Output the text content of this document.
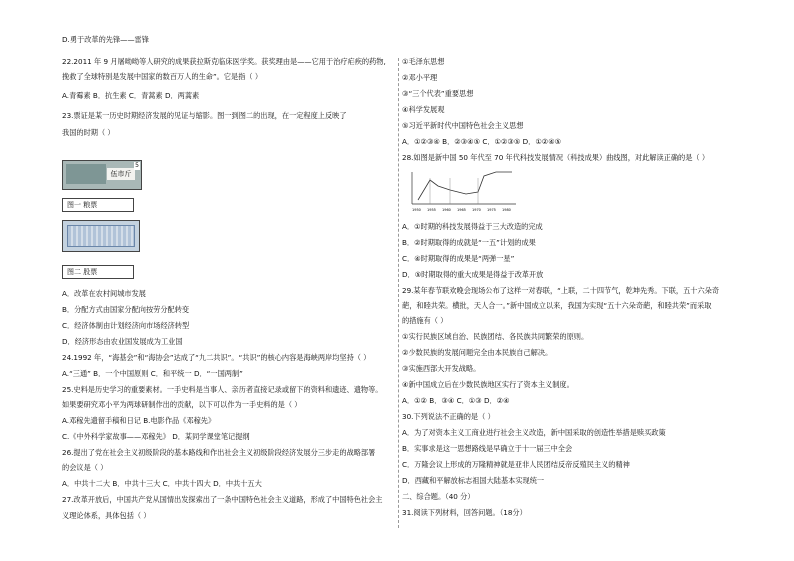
D.勇于改革的先锋——雷锋
22.2011 年 9 月屠呦呦等人研究的成果获拉斯克临床医学奖。获奖理由是——它用于治疗疟疾的药物,
挽救了全球特别是发展中国家的数百万人的生命”。它是指（ ）
A.青霉素 B．抗生素 C．青蒿素 D．两蒿素
23.票证是某一历史时期经济发展的见证与缩影。图一到图二的出现，在一定程度上反映了
我国的时期（ ）
伍市斤
5
图一 粮票
图二 股票
A．改革在农村间城市发展
B．分配方式由国家分配向按劳分配转变
C．经济体制由计划经济向市场经济转型
D．经济形态由农业国发展成为工业国
24.1992 年，“海基会”和“海协会”达成了“九二共识”。“共识”的核心内容是海峡两岸均坚持（ ）
A.“三通” B．一个中国原则 C．和平统一 D．“一国两制”
25.史料是历史学习的重要素材。一手史料是当事人、亲历者直接记录或留下的资料和遗迹、遗物等。
如果要研究邓小平为两球研制作出的贡献，以下可以作为一手史料的是（ ）
A.邓稼先遗留手稿和日记 B.电影作品《邓稼先》
C.《中外科学家故事——邓稼先》 D．某同学课堂笔记提纲
26.提出了党在社会主义初级阶段的基本路线和作出社会主义初级阶段经济发展分三步走的战略部署
的会议是（ ）
A．中共十二大 B．中共十三大 C．中共十四大 D．中共十五大
27.改革开放后，中国共产党从国情出发探索出了一条中国特色社会主义道路，形成了中国特色社会主
义理论体系，具体包括（ ）
①毛泽东思想
②邓小平理
③“三个代表”重要思想
④科学发展观
⑤习近平新时代中国特色社会主义思想
A．①②③④ B．②③④⑤ C．①②③⑤ D．①②④⑤
28.如图是新中国 50 年代至 70 年代科技发展情况（科技成果）曲线图，对此解读正确的是（ ）
1950 1955 1960 1965 1970 1975 1980
A．①时期的科技发展得益于三大改造的完成
B．②时期取得的成就是“一五”计划的成果
C．④时期取得的成果是“两弹一星”
D．⑤时期取得的重大成果是得益于改革开放
29.某年春节联欢晚会现场公布了这样一对春联，“上联，二十四节气，乾坤先秀。下联，五十六朵奇
葩，和睦共荣。横批，天人合一。”新中国成立以来，我国为实现“五十六朵奇葩，和睦共荣”而采取
的措施有（ ）
①实行民族区域自治、民族团结、各民族共同繁荣的原则。
②少数民族的发展问题完全由本民族自己解决。
③实施西部大开发战略。
④新中国成立后在少数民族地区实行了资本主义制度。
A．①② B．③④ C．①③ D．②④
30.下列说法不正确的是（ ）
A．为了对资本主义工商业进行社会主义改造，新中国采取的创造性举措是赎买政策
B．实事求是这一思想路线是早确立于十一届三中全会
C．万隆会议上形成的万隆精神就是亚非人民团结反帝反殖民主义的精神
D．西藏和平解放标志祖国大陆基本实现统一
二、综合题。（40 分）
31.阅读下列材料，回答问题。（18分）
